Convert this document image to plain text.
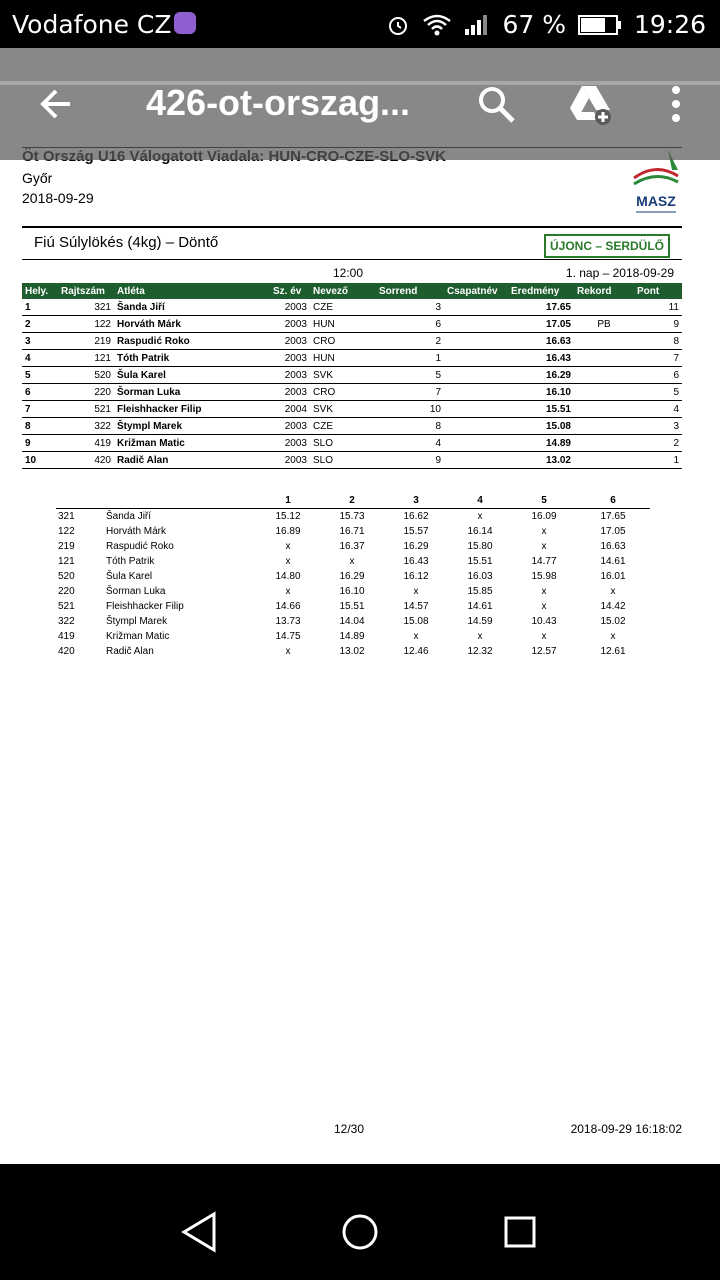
Vodafone CZ	67 %	19:26
Győr
2018-09-29	MASZ
Fiú Súlylökés (4kg) – Döntő	ÚJONC – SERDÜLŐ
12:00	1. nap – 2018-09-29
Hely.	Rajtszám	Atléta	Sz. év	Nevező	Sorrend	Csapatnév	Eredmény	Rekord	Pont
1	321	Šanda Jiří	2003	CZE	3		17.65		11
2	122	Horváth Márk	2003	HUN	6		17.05	PB	9
3	219	Raspudić Roko	2003	CRO	2		16.63		8
4	121	Tóth Patrik	2003	HUN	1		16.43		7
5	520	Šula Karel	2003	SVK	5		16.29		6
6	220	Šorman Luka	2003	CRO	7		16.10		5
7	521	Fleishhacker Filip	2004	SVK	10		15.51		4
8	322	Štympl Marek	2003	CZE	8		15.08		3
9	419	Križman Matic	2003	SLO	4		14.89		2
10	420	Radič Alan	2003	SLO	9		13.02		1
		1	2	3	4	5	6
321	Šanda Jiří	15.12	15.73	16.62	x	16.09	17.65
122	Horváth Márk	16.89	16.71	15.57	16.14	x	17.05
219	Raspudić Roko	x	16.37	16.29	15.80	x	16.63
121	Tóth Patrik	x	x	16.43	15.51	14.77	14.61
520	Šula Karel	14.80	16.29	16.12	16.03	15.98	16.01
220	Šorman Luka	x	16.10	x	15.85	x	x
521	Fleishhacker Filip	14.66	15.51	14.57	14.61	x	14.42
322	Štympl Marek	13.73	14.04	15.08	14.59	10.43	15.02
419	Križman Matic	14.75	14.89	x	x	x	x
420	Radič Alan	x	13.02	12.46	12.32	12.57	12.61
12/30	2018-09-29 16:18:02
426-ot-orszag...
